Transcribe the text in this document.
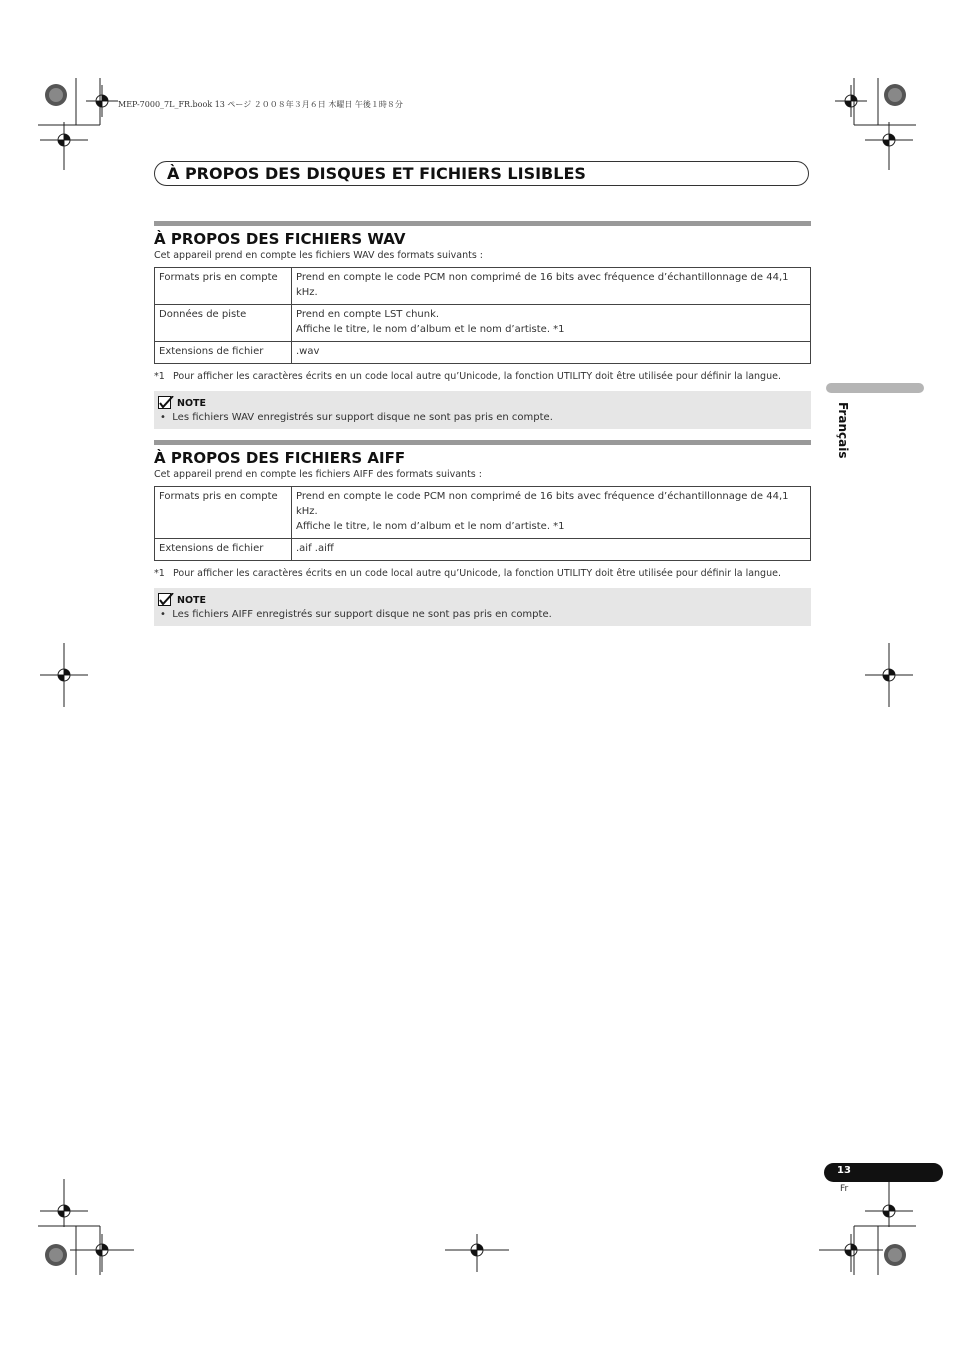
MEP-7000_7L_FR.book 13 ページ ２００８年３月６日 木曜日 午後１時８分
À PROPOS DES DISQUES ET FICHIERS LISIBLES
À PROPOS DES FICHIERS WAV
Cet appareil prend en compte les fichiers WAV des formats suivants :
Formats pris en compte	Prend en compte le code PCM non comprimé de 16 bits avec fréquence d’échantillonnage de 44,1 kHz.

Données de piste	Prend en compte LST chunk.
Affiche le titre, le nom d’album et le nom d’artiste. *1

Extensions de fichier	.wav
*1 Pour afficher les caractères écrits en un code local autre qu’Unicode, la fonction UTILITY doit être utilisée pour définir la langue.
NOTE
•  Les fichiers WAV enregistrés sur support disque ne sont pas pris en compte.
À PROPOS DES FICHIERS AIFF
Cet appareil prend en compte les fichiers AIFF des formats suivants :
Formats pris en compte	Prend en compte le code PCM non comprimé de 16 bits avec fréquence d’échantillonnage de 44,1 kHz.
Affiche le titre, le nom d’album et le nom d’artiste. *1

Extensions de fichier	.aif .aiff
*1 Pour afficher les caractères écrits en un code local autre qu’Unicode, la fonction UTILITY doit être utilisée pour définir la langue.
NOTE
•  Les fichiers AIFF enregistrés sur support disque ne sont pas pris en compte.
Français
13
Fr
